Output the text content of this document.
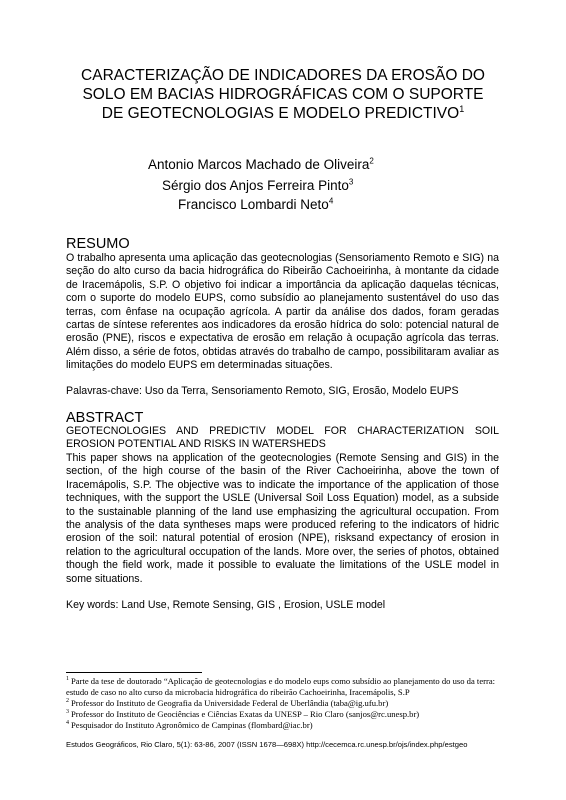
CARACTERIZAÇÃO DE INDICADORES DA EROSÃO DO SOLO EM BACIAS HIDROGRÁFICAS COM O SUPORTE DE GEOTECNOLOGIAS E MODELO PREDICTIVO$^1$
Antonio Marcos Machado de Oliveira$^2$
Sérgio dos Anjos Ferreira Pinto$^3$
Francisco Lombardi Neto$^4$
RESUMO

O trabalho apresenta uma aplicação das geotecnologias (Sensoriamento Remoto e SIG) na seção do alto curso da bacia hidrográfica do Ribeirão Cachoeirinha, à montante da cidade de Iracemápolis, S.P. O objetivo foi indicar a importância da aplicação daquelas técnicas, com o suporte do modelo EUPS, como subsídio ao planejamento sustentável do uso das terras, com ênfase na ocupação agrícola. A partir da análise dos dados, foram geradas cartas de síntese referentes aos indicadores da erosão hídrica do solo: potencial natural de erosão (PNE), riscos e expectativa de erosão em relação à ocupação agrícola das terras. Além disso, a série de fotos, obtidas através do trabalho de campo, possibilitaram avaliar as limitações do modelo EUPS em determinadas situações.

Palavras-chave: Uso da Terra, Sensoriamento Remoto, SIG, Erosão, Modelo EUPS

ABSTRACT

GEOTECNOLOGIES AND PREDICTIV MODEL FOR CHARACTERIZATION SOIL EROSION POTENTIAL AND RISKS IN WATERSHEDS

This paper shows na application of the geotecnologies (Remote Sensing and GIS) in the section, of the high course of the basin of the River Cachoeirinha, above the town of Iracemápolis, S.P. The objective was to indicate the importance of the application of those techniques, with the support the USLE (Universal Soil Loss Equation) model, as a subside to the sustainable planning of the land use emphasizing the agricultural occupation. From the analysis of the data syntheses maps were produced refering to the indicators of hidric erosion of the soil: natural potential of erosion (NPE), risksand expectancy of erosion in relation to the agricultural occupation of the lands. More over, the series of photos, obtained though the field work, made it possible to evaluate the limitations of the USLE model in some situations.

Key words: Land Use, Remote Sensing, GIS , Erosion, USLE model

$^1$ Parte da tese de doutorado “Aplicação de geotecnologias e do modelo eups como subsídio ao planejamento do uso da terra: estudo de caso no alto curso da microbacia hidrográfica do ribeirão Cachoeirinha, Iracemápolis, S.P

$^2$ Professor do Instituto de Geografia da Universidade Federal de Uberlândia (taba@ig.ufu.br)

$^3$ Professor do Instituto de Geociências e Ciências Exatas da UNESP – Rio Claro (sanjos@rc.unesp.br)

$^4$ Pesquisador do Instituto Agronômico de Campinas (flombard@iac.br)

Estudos Geográficos, Rio Claro, 5(1): 63-86, 2007 (ISSN 1678—698X) http://cecemca.rc.unesp.br/ojs/index.php/estgeo
